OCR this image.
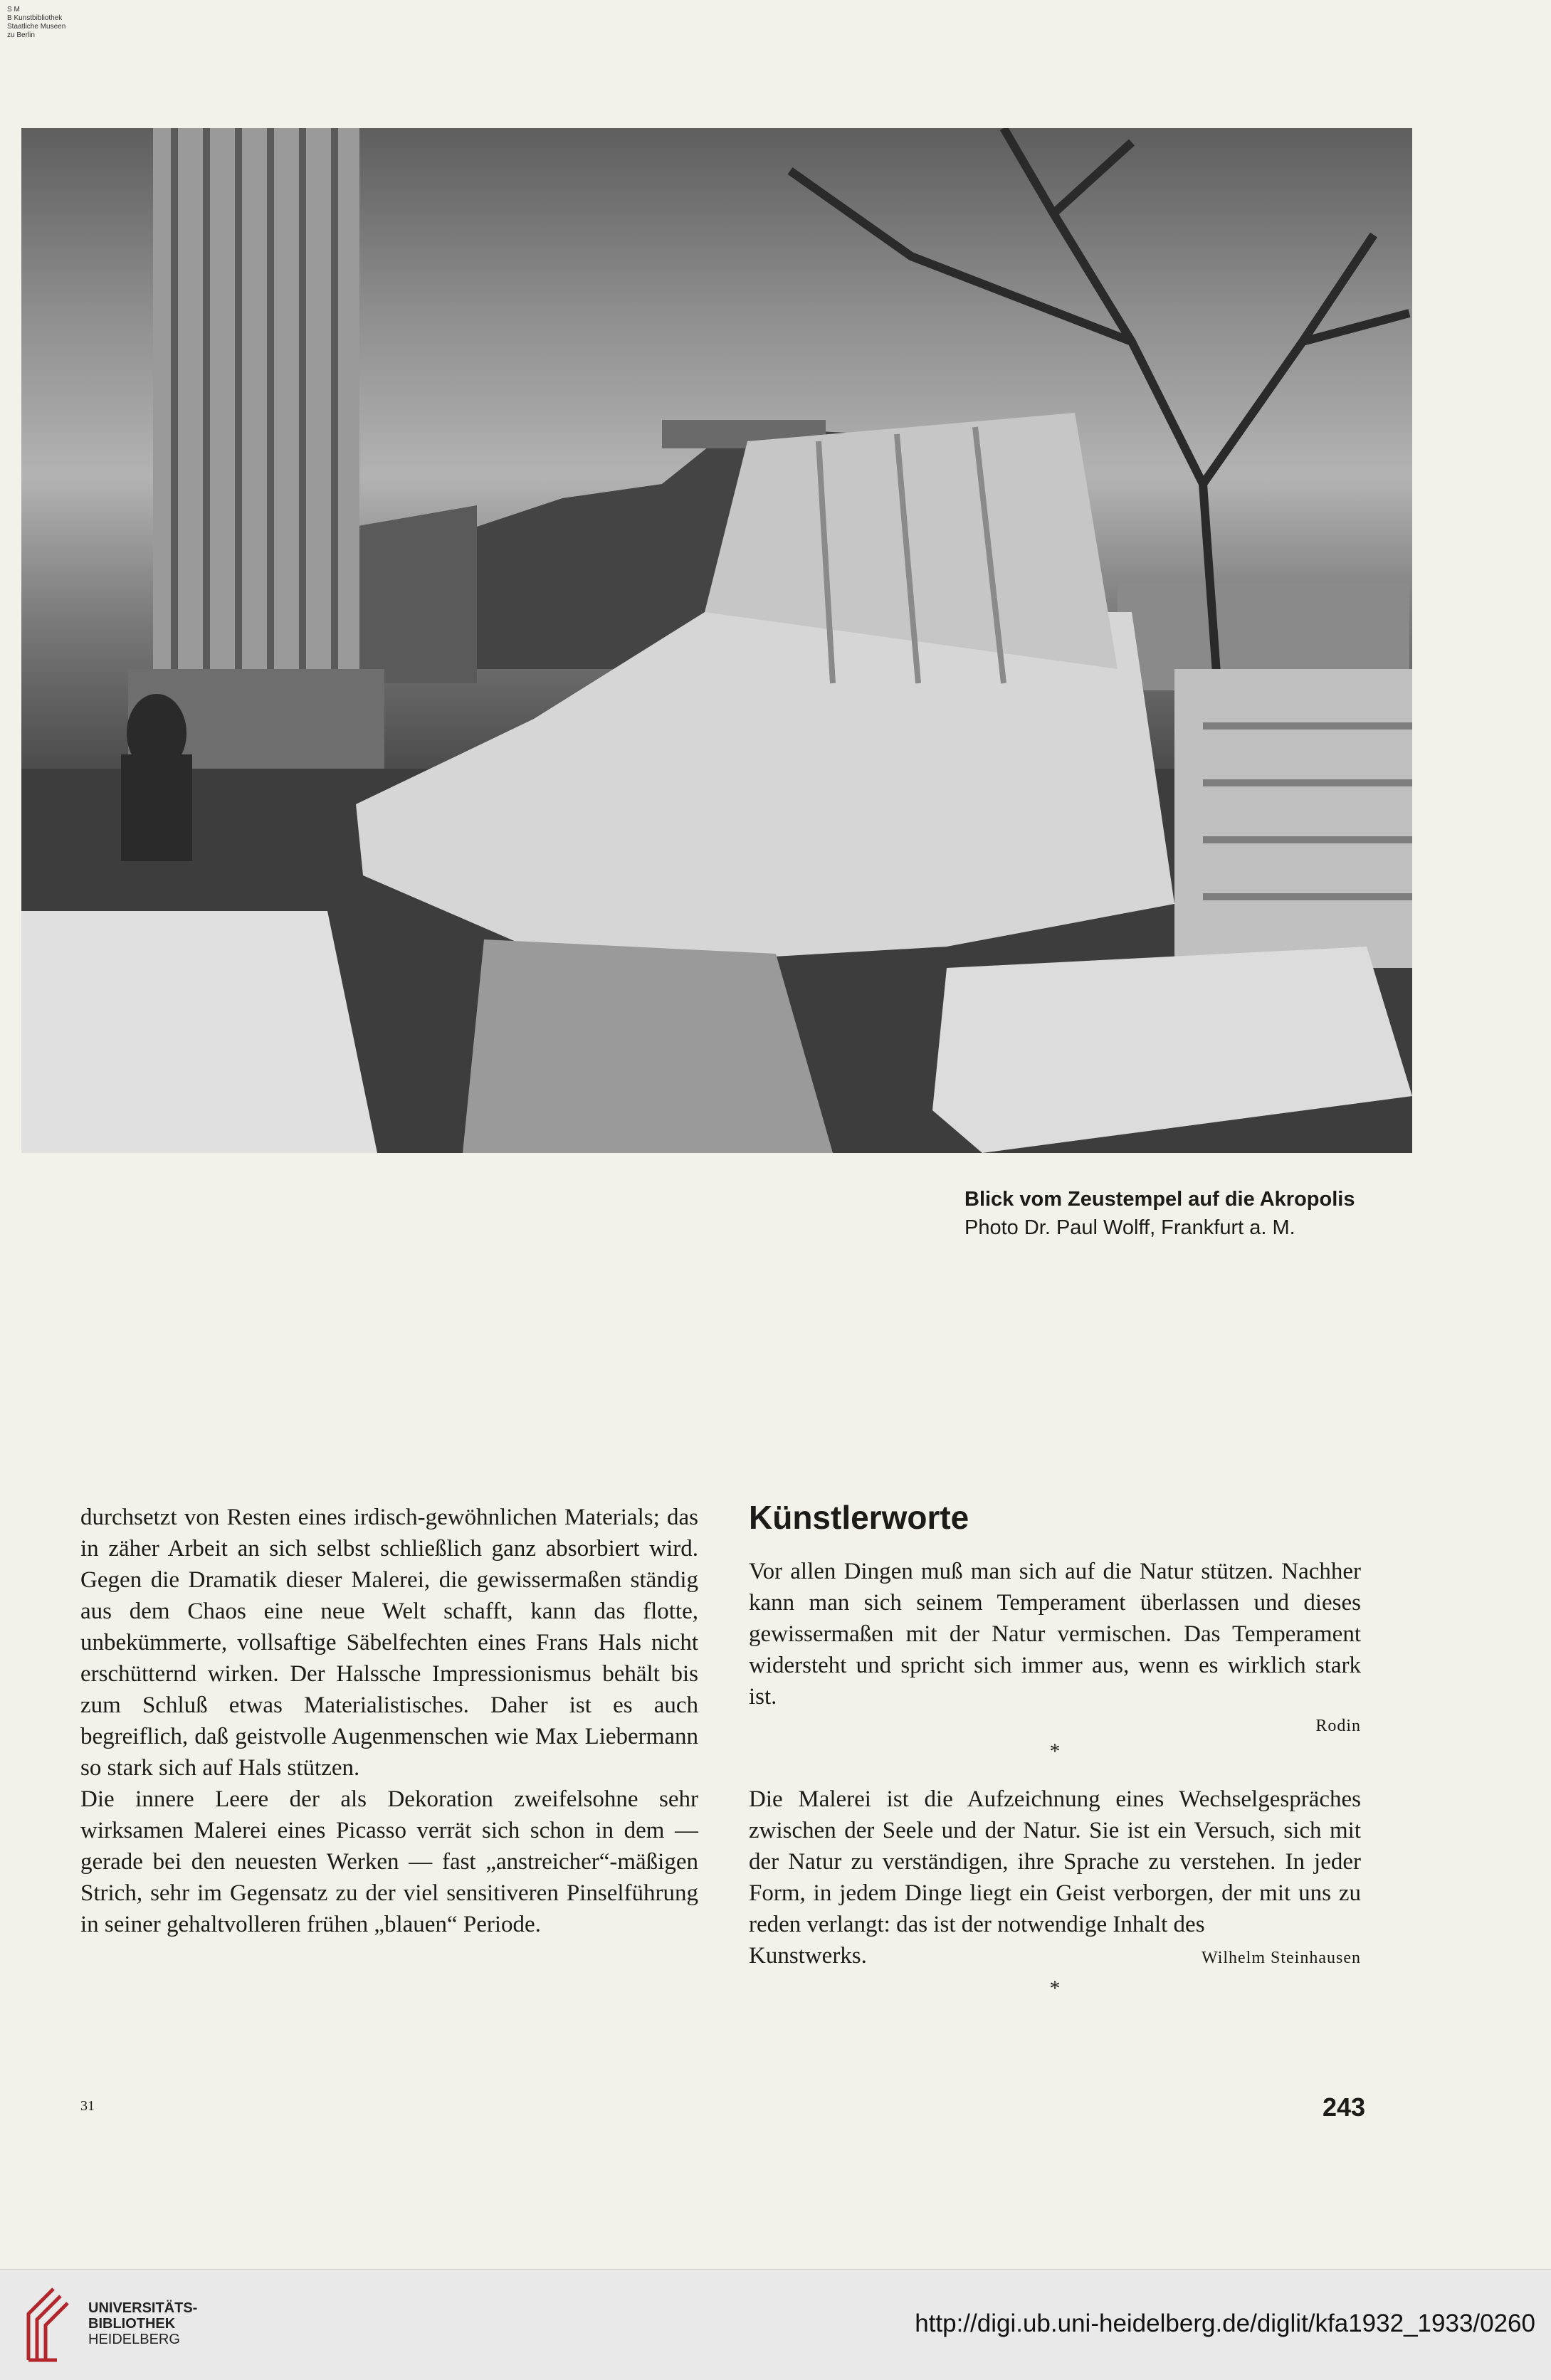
S M
B Kunstbibliothek
Staatliche Museen
zu Berlin
Blick vom Zeustempel auf die Akropolis
Photo Dr. Paul Wolff, Frankfurt a. M.

durchsetzt von Resten eines irdisch-gewöhnlichen Materials; das in zäher Arbeit an sich selbst schließlich ganz absorbiert wird. Gegen die Dramatik dieser Malerei, die gewissermaßen ständig aus dem Chaos eine neue Welt schafft, kann das flotte, unbekümmerte, vollsaftige Säbelfechten eines Frans Hals nicht erschütternd wirken. Der Halssche Impressionismus behält bis zum Schluß etwas Materialistisches. Daher ist es auch begreiflich, daß geistvolle Augenmenschen wie Max Liebermann so stark sich auf Hals stützen.

Die innere Leere der als Dekoration zweifelsohne sehr wirksamen Malerei eines Picasso verrät sich schon in dem — gerade bei den neuesten Werken — fast „anstreicher“-mäßigen Strich, sehr im Gegensatz zu der viel sensitiveren Pinselführung in seiner gehaltvolleren frühen „blauen“ Periode.

Künstlerworte

Vor allen Dingen muß man sich auf die Natur stützen. Nachher kann man sich seinem Temperament überlassen und dieses gewissermaßen mit der Natur vermischen. Das Temperament widersteht und spricht sich immer aus, wenn es wirklich stark ist.

Rodin
*

Die Malerei ist die Aufzeichnung eines Wechselgespräches zwischen der Seele und der Natur. Sie ist ein Versuch, sich mit der Natur zu verständigen, ihre Sprache zu verstehen. In jeder Form, in jedem Dinge liegt ein Geist verborgen, der mit uns zu reden verlangt: das ist der notwendige Inhalt des

Kunstwerks.	Wilhelm Steinhausen
*
31	243
UNIVERSITÄTS-
BIBLIOTHEK
HEIDELBERG
http://digi.ub.uni-heidelberg.de/diglit/kfa1932_1933/0260
